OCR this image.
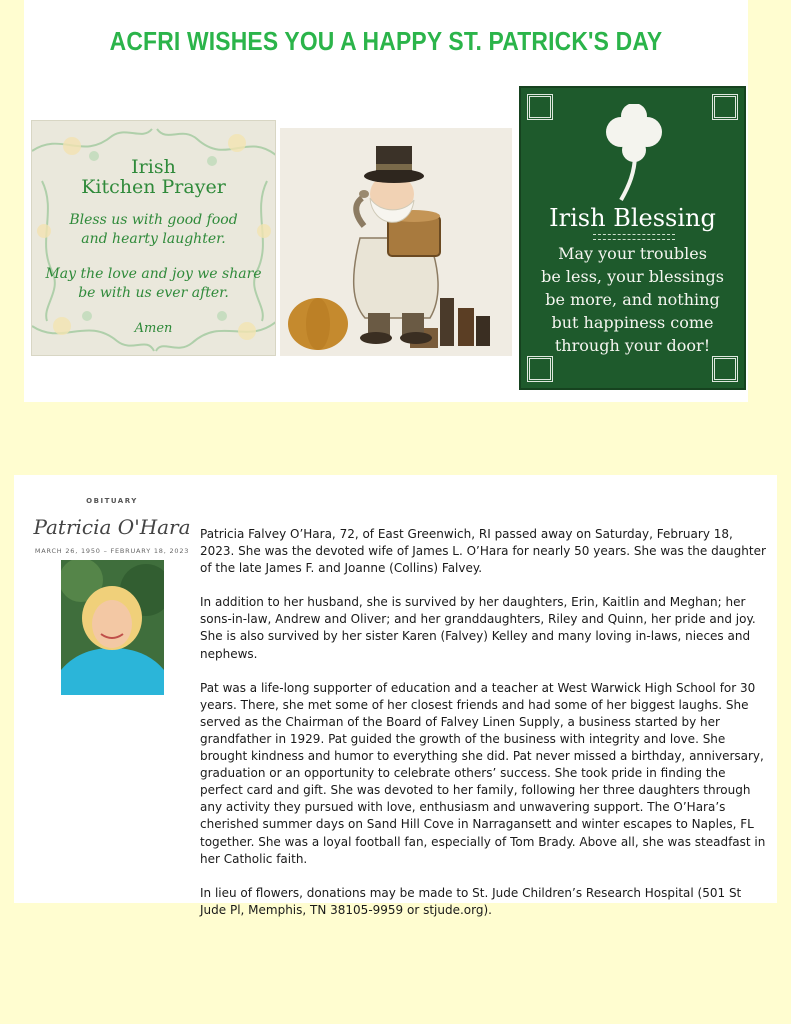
ACFRI WISHES YOU A HAPPY ST. PATRICK'S DAY
Irish
Kitchen Prayer
Bless us with good food
and hearty laughter.
May the love and joy we share
be with us ever after.
Amen
Irish Blessing
May your troubles
be less, your blessings
be more, and nothing
but happiness come
through your door!
OBITUARY
Patricia O'Hara
MARCH 26, 1950 – FEBRUARY 18, 2023

Patricia Falvey O’Hara, 72, of East Greenwich, RI passed away on Saturday, February 18, 2023. She was the devoted wife of James L. O’Hara for nearly 50 years. She was the daughter of the late James F. and Joanne (Collins) Falvey.

In addition to her husband, she is survived by her daughters, Erin, Kaitlin and Meghan; her sons-in-law, Andrew and Oliver; and her granddaughters, Riley and Quinn, her pride and joy. She is also survived by her sister Karen (Falvey) Kelley and many loving in-laws, nieces and nephews.

Pat was a life-long supporter of education and a teacher at West Warwick High School for 30 years. There, she met some of her closest friends and had some of her biggest laughs. She served as the Chairman of the Board of Falvey Linen Supply, a business started by her grandfather in 1929. Pat guided the growth of the business with integrity and love. She brought kindness and humor to everything she did. Pat never missed a birthday, anniversary, graduation or an opportunity to celebrate others’ success. She took pride in finding the perfect card and gift. She was devoted to her family, following her three daughters through any activity they pursued with love, enthusiasm and unwavering support. The O’Hara’s cherished summer days on Sand Hill Cove in Narragansett and winter escapes to Naples, FL together. She was a loyal football fan, especially of Tom Brady. Above all, she was steadfast in her Catholic faith.

In lieu of flowers, donations may be made to St. Jude Children’s Research Hospital (501 St Jude Pl, Memphis, TN 38105-9959 or stjude.org).
